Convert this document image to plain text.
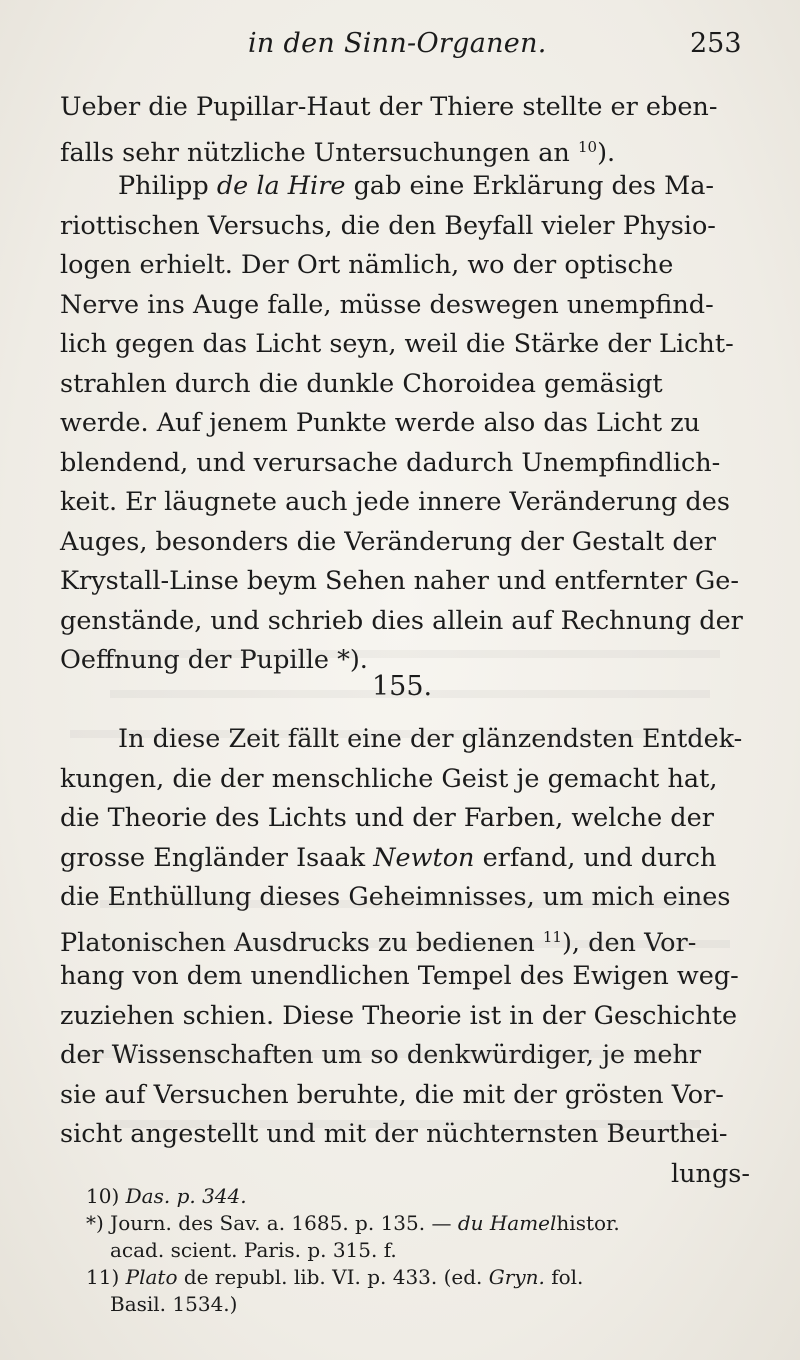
in den Sinn-Organen.	253
Ueber die Pupillar-Haut der Thiere stellte er eben-
falls sehr nützliche Untersuchungen an $^{10}$).
Philipp de la Hire gab eine Erklärung des Ma-
riottischen Versuchs, die den Beyfall vieler Physio-
logen erhielt. Der Ort nämlich, wo der optische
Nerve ins Auge falle, müsse deswegen unempfind-
lich gegen das Licht seyn, weil die Stärke der Licht-
strahlen durch die dunkle Choroidea gemäsigt
werde. Auf jenem Punkte werde also das Licht zu
blendend, und verursache dadurch Unempfindlich-
keit. Er läugnete auch jede innere Veränderung des
Auges, besonders die Veränderung der Gestalt der
Krystall-Linse beym Sehen naher und entfernter Ge-
genstände, und schrieb dies allein auf Rechnung der
Oeffnung der Pupille *).
In diese Zeit fällt eine der glänzendsten Entdek-
kungen, die der menschliche Geist je gemacht hat,
die Theorie des Lichts und der Farben, welche der
grosse Engländer Isaak Newton erfand, und durch
die Enthüllung dieses Geheimnisses, um mich eines
Platonischen Ausdrucks zu bedienen $^{11}$), den Vor-
hang von dem unendlichen Tempel des Ewigen weg-
zuziehen schien. Diese Theorie ist in der Geschichte
der Wissenschaften um so denkwürdiger, je mehr
sie auf Versuchen beruhte, die mit der grösten Vor-
sicht angestellt und mit der nüchternsten Beurthei-
lungs-
155.
10) Das. p. 344.
*) Journ. des Sav. a. 1685. p. 135. — du Hamelhistor.
acad. scient. Paris. p. 315. f.
11) Plato de republ. lib. VI. p. 433. (ed. Gryn. fol.
Basil. 1534.)
